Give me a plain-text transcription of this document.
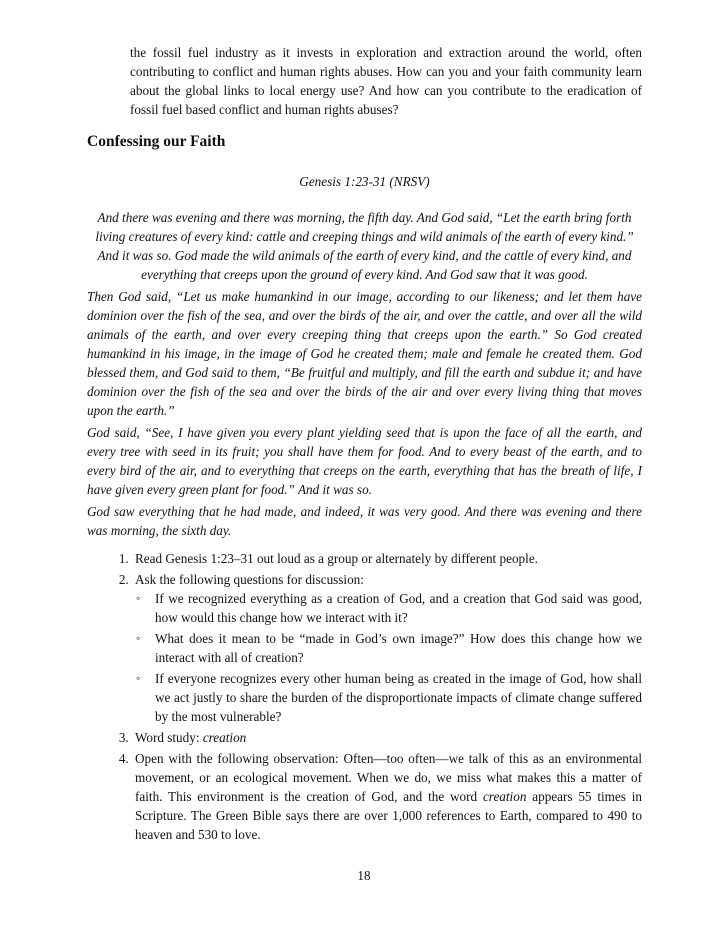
the fossil fuel industry as it invests in exploration and extraction around the world, often contributing to conflict and human rights abuses. How can you and your faith community learn about the global links to local energy use? And how can you contribute to the eradication of fossil fuel based conflict and human rights abuses?

Confessing our Faith

Genesis 1:23-31 (NRSV)

And there was evening and there was morning, the fifth day. And God said, “Let the earth bring forth living creatures of every kind: cattle and creeping things and wild animals of the earth of every kind.” And it was so. God made the wild animals of the earth of every kind, and the cattle of every kind, and everything that creeps upon the ground of every kind. And God saw that it was good.

Then God said, “Let us make humankind in our image, according to our likeness; and let them have dominion over the fish of the sea, and over the birds of the air, and over the cattle, and over all the wild animals of the earth, and over every creeping thing that creeps upon the earth.” So God created humankind in his image, in the image of God he created them; male and female he created them. God blessed them, and God said to them, “Be fruitful and multiply, and fill the earth and subdue it; and have dominion over the fish of the sea and over the birds of the air and over every living thing that moves upon the earth.”

God said, “See, I have given you every plant yielding seed that is upon the face of all the earth, and every tree with seed in its fruit; you shall have them for food. And to every beast of the earth, and to every bird of the air, and to everything that creeps on the earth, everything that has the breath of life, I have given every green plant for food.” And it was so.

God saw everything that he had made, and indeed, it was very good. And there was evening and there was morning, the sixth day.

1. Read Genesis 1:23–31 out loud as a group or alternately by different people.
2. Ask the following questions for discussion:
◦ If we recognized everything as a creation of God, and a creation that God said was good, how would this change how we interact with it?
◦ What does it mean to be “made in God’s own image?” How does this change how we interact with all of creation?
◦ If everyone recognizes every other human being as created in the image of God, how shall we act justly to share the burden of the disproportionate impacts of climate change suffered by the most vulnerable?
3. Word study: creation
4. Open with the following observation: Often—too often—we talk of this as an environmental movement, or an ecological movement. When we do, we miss what makes this a matter of faith. This environment is the creation of God, and the word creation appears 55 times in Scripture. The Green Bible says there are over 1,000 references to Earth, compared to 490 to heaven and 530 to love.

18
